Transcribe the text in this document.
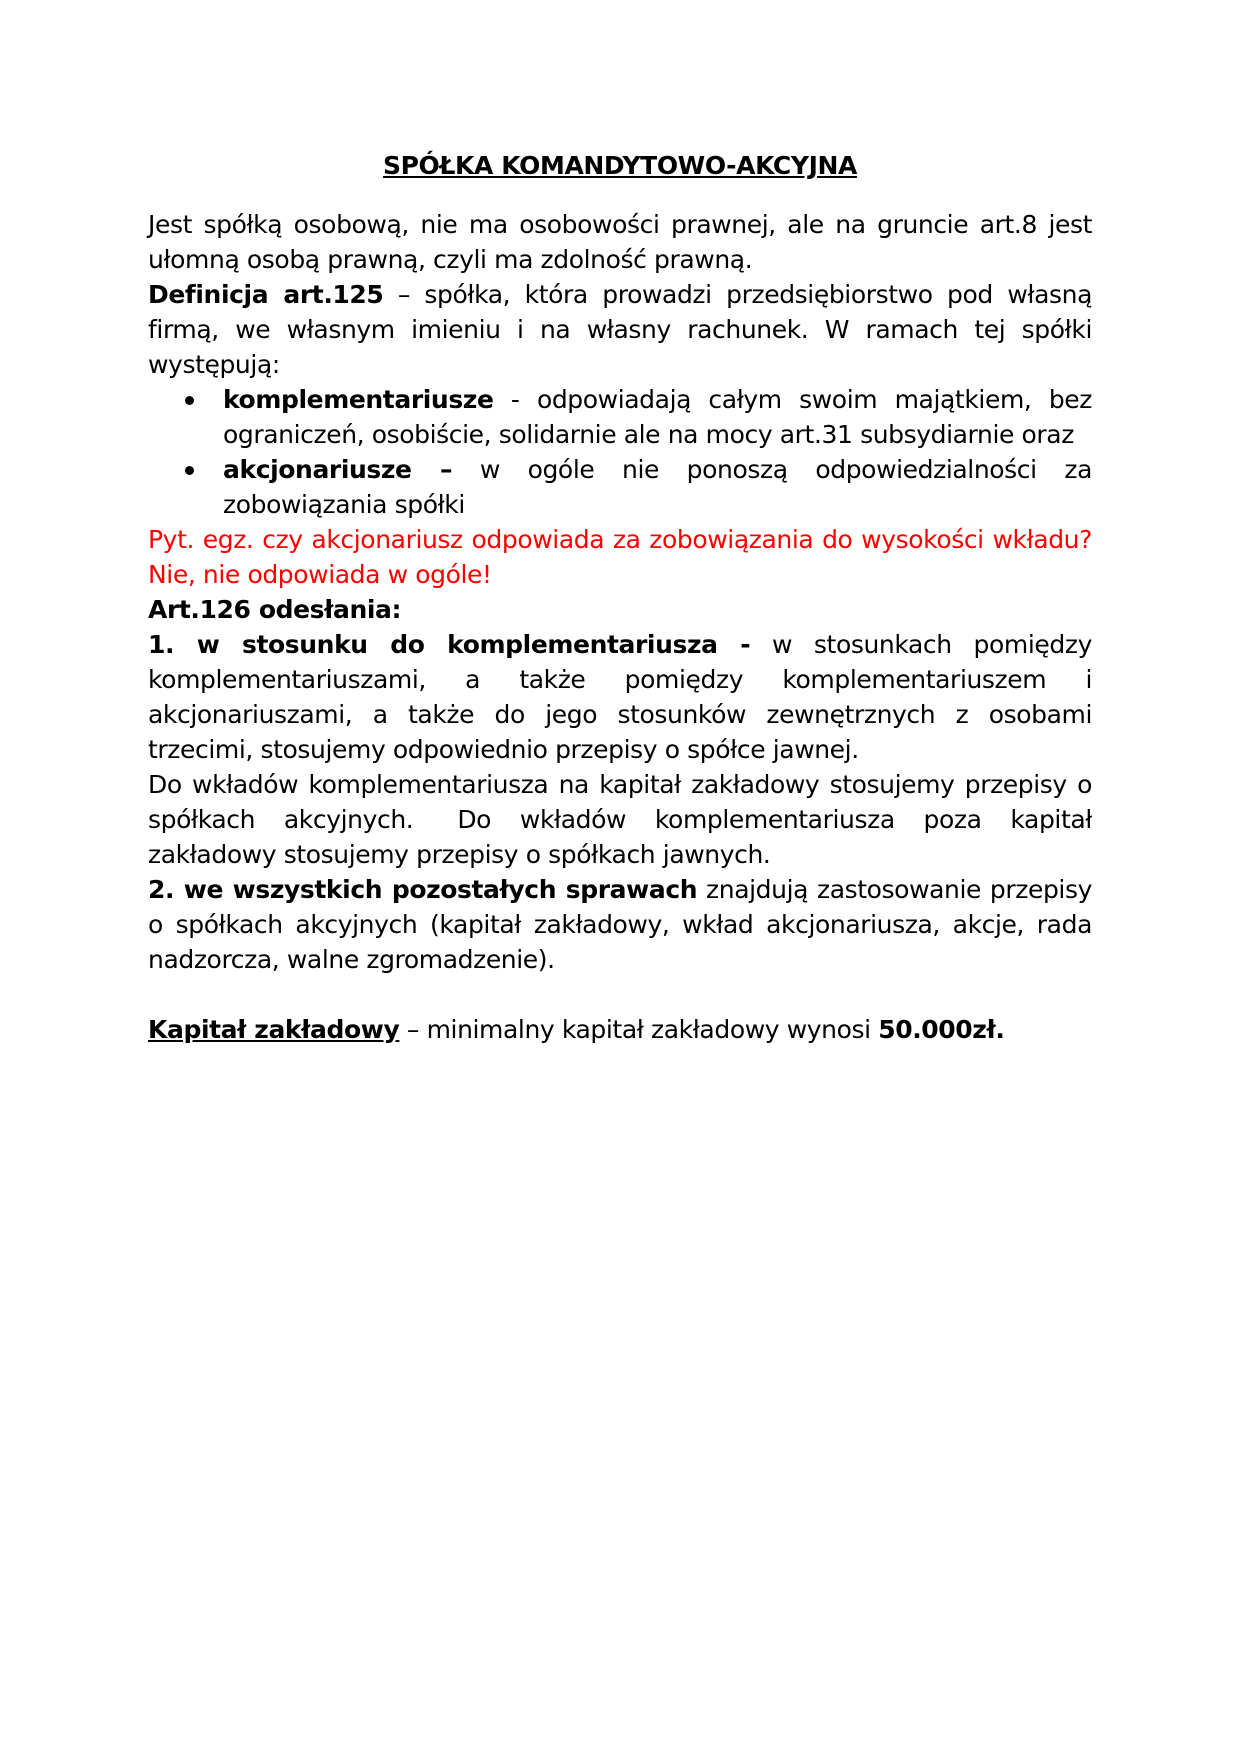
SPÓŁKA KOMANDYTOWO-AKCYJNA

Jest spółką osobową, nie ma osobowości prawnej, ale na gruncie art.8 jest ułomną osobą prawną, czyli ma zdolność prawną.

Definicja art.125 – spółka, która prowadzi przedsiębiorstwo pod własną firmą, we własnym imieniu i na własny rachunek. W ramach tej spółki występują:

komplementariusze - odpowiadają całym swoim majątkiem, bez ograniczeń, osobiście, solidarnie ale na mocy art.31 subsydiarnie oraz
akcjonariusze – w ogóle nie ponoszą odpowiedzialności za zobowiązania spółki

Pyt. egz. czy akcjonariusz odpowiada za zobowiązania do wysokości wkładu? Nie, nie odpowiada w ogóle!

Art.126 odesłania:

1. w stosunku do komplementariusza - w stosunkach pomiędzy komplementariuszami, a także pomiędzy komplementariuszem i akcjonariuszami, a także do jego stosunków zewnętrznych z osobami trzecimi, stosujemy odpowiednio przepisy o spółce jawnej.

Do wkładów komplementariusza na kapitał zakładowy stosujemy przepisy o spółkach akcyjnych. Do wkładów komplementariusza poza kapitał zakładowy stosujemy przepisy o spółkach jawnych.

2. we wszystkich pozostałych sprawach znajdują zastosowanie przepisy o spółkach akcyjnych (kapitał zakładowy, wkład akcjonariusza, akcje, rada nadzorcza, walne zgromadzenie).

Kapitał zakładowy – minimalny kapitał zakładowy wynosi 50.000zł.
